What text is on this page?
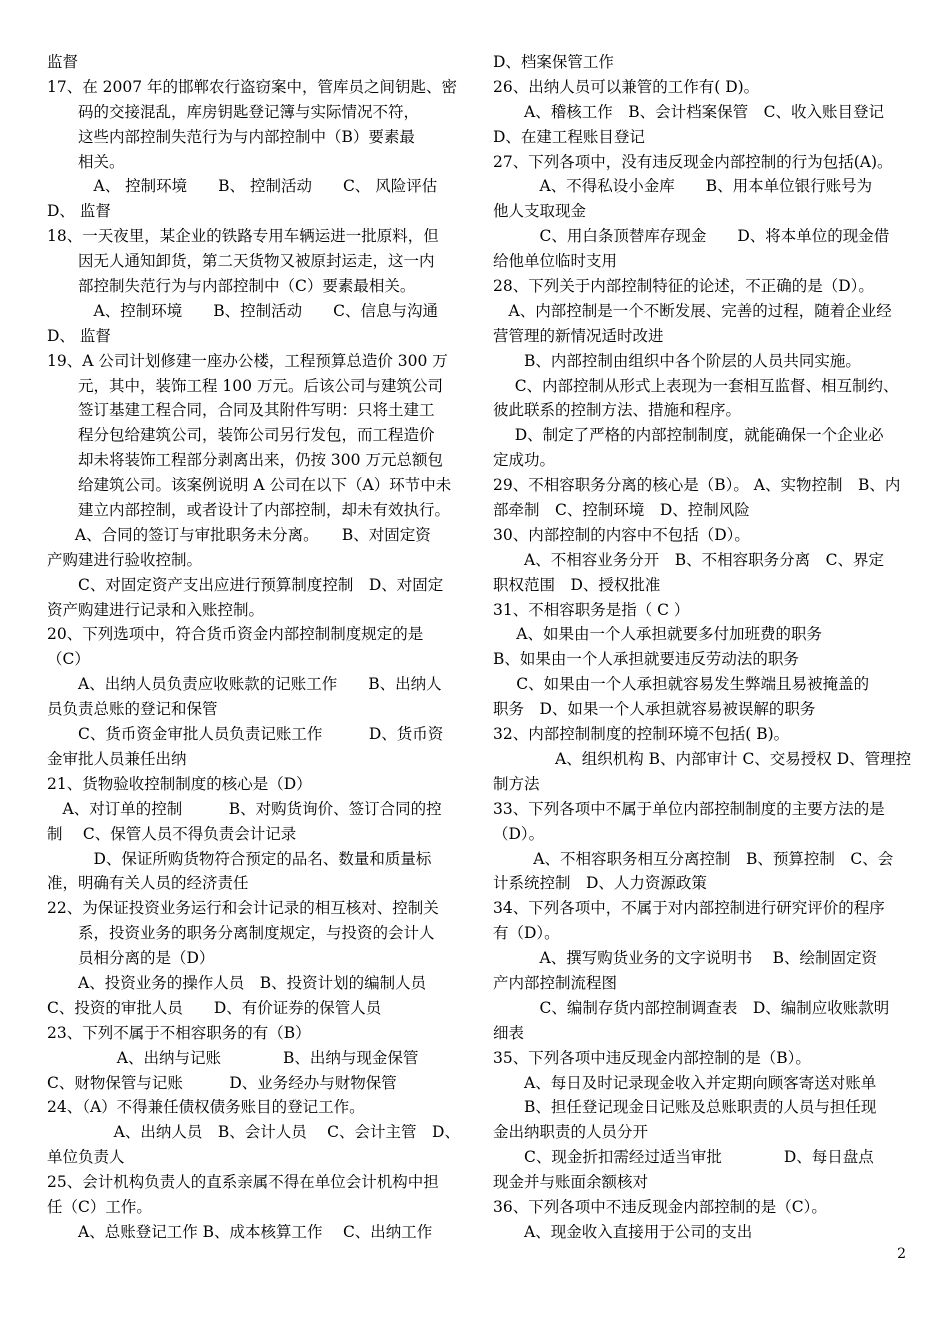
监督
17、在 2007 年的邯郸农行盗窃案中，管库员之间钥匙、密
码的交接混乱，库房钥匙登记簿与实际情况不符，
这些内部控制失范行为与内部控制中（B）要素最
相关。
A、 控制环境　　B、 控制活动　　C、 风险评估
D、 监督
18、一天夜里，某企业的铁路专用车辆运进一批原料，但
因无人通知卸货，第二天货物又被原封运走，这一内
部控制失范行为与内部控制中（C）要素最相关。
A、控制环境　　B、控制活动　　C、信息与沟通
D、 监督
19、A 公司计划修建一座办公楼，工程预算总造价 300 万
元，其中，装饰工程 100 万元。后该公司与建筑公司
签订基建工程合同，合同及其附件写明：只将土建工
程分包给建筑公司，装饰公司另行发包，而工程造价
却未将装饰工程部分剥离出来，仍按 300 万元总额包
给建筑公司。该案例说明 A 公司在以下（A）环节中未
建立内部控制，或者设计了内部控制，却未有效执行。
A、合同的签订与审批职务未分离。　　B、对固定资
产购建进行验收控制。
C、对固定资产支出应进行预算制度控制　D、对固定
资产购建进行记录和入账控制。
20、下列选项中，符合货币资金内部控制制度规定的是
（C）
A、出纳人员负责应收账款的记账工作　　B、出纳人
员负责总账的登记和保管
C、货币资金审批人员负责记账工作　　　D、货币资
金审批人员兼任出纳
21、货物验收控制制度的核心是（D）
A、对订单的控制　　　B、对购货询价、签订合同的控
制　 C、保管人员不得负责会计记录
D、保证所购货物符合预定的品名、数量和质量标
准，明确有关人员的经济责任
22、为保证投资业务运行和会计记录的相互核对、控制关
系，投资业务的职务分离制度规定，与投资的会计人
员相分离的是（D）
A、投资业务的操作人员　B、投资计划的编制人员
C、投资的审批人员　　D、有价证券的保管人员
23、下列不属于不相容职务的有（B）
A、出纳与记账　　　　B、出纳与现金保管
C、财物保管与记账　　　D、业务经办与财物保管
24、（A）不得兼任债权债务账目的登记工作。
A、出纳人员　B、会计人员　 C、会计主管　D、
单位负责人
25、会计机构负责人的直系亲属不得在单位会计机构中担
任（C）工作。
A、总账登记工作 B、成本核算工作　 C、出纳工作
D、档案保管工作
26、出纳人员可以兼管的工作有( D)。
A、稽核工作　B、会计档案保管　C、收入账目登记
D、在建工程账目登记
27、下列各项中，没有违反现金内部控制的行为包括(A)。
A、不得私设小金库　　B、用本单位银行账号为
他人支取现金
C、用白条顶替库存现金　　D、将本单位的现金借
给他单位临时支用
28、下列关于内部控制特征的论述，不正确的是（D）。
A、内部控制是一个不断发展、完善的过程，随着企业经
营管理的新情况适时改进
B、内部控制由组织中各个阶层的人员共同实施。
C、内部控制从形式上表现为一套相互监督、相互制约、
彼此联系的控制方法、措施和程序。
D、制定了严格的内部控制制度，就能确保一个企业必
定成功。
29、不相容职务分离的核心是（B）。 A、实物控制　B、内
部牵制　C、控制环境　D、控制风险
30、内部控制的内容中不包括（D）。
A、不相容业务分开　B、不相容职务分离　C、界定
职权范围　D、授权批准
31、不相容职务是指（ C ）
A、如果由一个人承担就要多付加班费的职务
B、如果由一个人承担就要违反劳动法的职务
C、如果由一个人承担就容易发生弊端且易被掩盖的
职务　D、如果一个人承担就容易被误解的职务
32、内部控制制度的控制环境不包括( B)。
A、组织机构 B、内部审计 C、交易授权 D、管理控
制方法
33、下列各项中不属于单位内部控制制度的主要方法的是
（D）。
A、不相容职务相互分离控制　B、预算控制　C、会
计系统控制　D、人力资源政策
34、下列各项中，不属于对内部控制进行研究评价的程序
有（D）。
A、撰写购货业务的文字说明书　 B、绘制固定资
产内部控制流程图
C、编制存货内部控制调查表　D、编制应收账款明
细表
35、下列各项中违反现金内部控制的是（B）。
A、每日及时记录现金收入并定期向顾客寄送对账单
B、担任登记现金日记账及总账职责的人员与担任现
金出纳职责的人员分开
C、现金折扣需经过适当审批　　　　D、每日盘点
现金并与账面余额核对
36、下列各项中不违反现金内部控制的是（C）。
A、现金收入直接用于公司的支出
2
